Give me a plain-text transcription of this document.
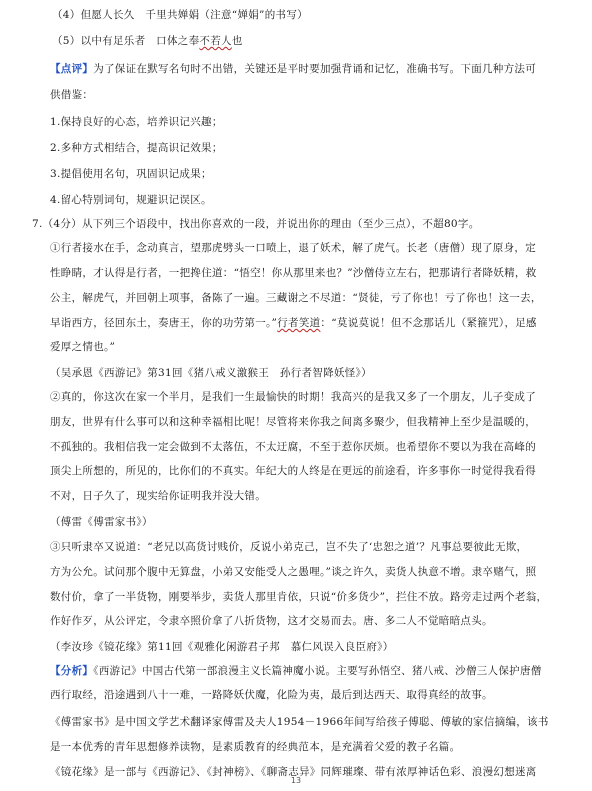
（4）但愿人长久　千里共婵娟（注意“婵娟”的书写）
（5）以中有足乐者　口体之奉不若人也
【点评】为了保证在默写名句时不出错，关键还是平时要加强背诵和记忆，准确书写。下面几种方法可
供借鉴：
1.保持良好的心态，培养识记兴趣；
2.多种方式相结合，提高识记效果；
3.提倡使用名句，巩固识记成果；
4.留心特别词句，规避识记误区。
7.（4分）从下列三个语段中，找出你喜欢的一段，并说出你的理由（至少三点），不超80字。
①行者接水在手，念动真言，望那虎劈头一口喷上，退了妖术，解了虎气。长老（唐僧）现了原身，定
性睁睛，才认得是行者，一把搀住道：“悟空！你从那里来也？”沙僧侍立左右，把那请行者降妖精，救
公主，解虎气，并回朝上项事，备陈了一遍。三藏谢之不尽道：“贤徒，亏了你也！亏了你也！这一去，
早诣西方，径回东土，奏唐王，你的功劳第一。”行者笑道：“莫说莫说！但不念那话儿（紧箍咒），足感
爱厚之情也。”
（吴承恩《西游记》第31回《猪八戒义激猴王　孙行者智降妖怪》）
②真的，你这次在家一个半月，是我们一生最愉快的时期！我高兴的是我又多了一个朋友，儿子变成了
朋友，世界有什么事可以和这种幸福相比呢！尽管将来你我之间离多聚少，但我精神上至少是温暖的，
不孤独的。我相信我一定会做到不太落伍，不太迂腐，不至于惹你厌烦。也希望你不要以为我在高峰的
顶尖上所想的，所见的，比你们的不真实。年纪大的人终是在更远的前途看，许多事你一时觉得我看得
不对，日子久了，现实给你证明我并没大错。
（傅雷《傅雷家书》）
③只听隶卒又说道：“老兄以高货讨贱价，反说小弟克己，岂不失了‘忠恕之道’？凡事总要彼此无欺，
方为公允。试问那个腹中无算盘，小弟又安能受人之愚哩。”谈之许久，卖货人执意不增。隶卒赌气，照
数付价，拿了一半货物，刚要举步，卖货人那里肯依，只说“价多货少”，拦住不放。路旁走过两个老翁，
作好作歹，从公评定，令隶卒照价拿了八折货物，这才交易而去。唐、多二人不觉暗暗点头。
（李汝珍《镜花缘》第11回《观雅化闲游君子邦　慕仁风误入良臣府》）
【分析】《西游记》中国古代第一部浪漫主义长篇神魔小说。主要写孙悟空、猪八戒、沙僧三人保护唐僧
西行取经，沿途遇到八十一难，一路降妖伏魔，化险为夷，最后到达西天、取得真经的故事。
《傅雷家书》是中国文学艺术翻译家傅雷及夫人1954－1966年间写给孩子傅聪、傅敏的家信摘编，该书
是一本优秀的青年思想修养读物，是素质教育的经典范本，是充满着父爱的教子名篇。
《镜花缘》是一部与《西游记》、《封神榜》、《聊斋志异》同辉璀璨、带有浓厚神话色彩、浪漫幻想迷离
13
